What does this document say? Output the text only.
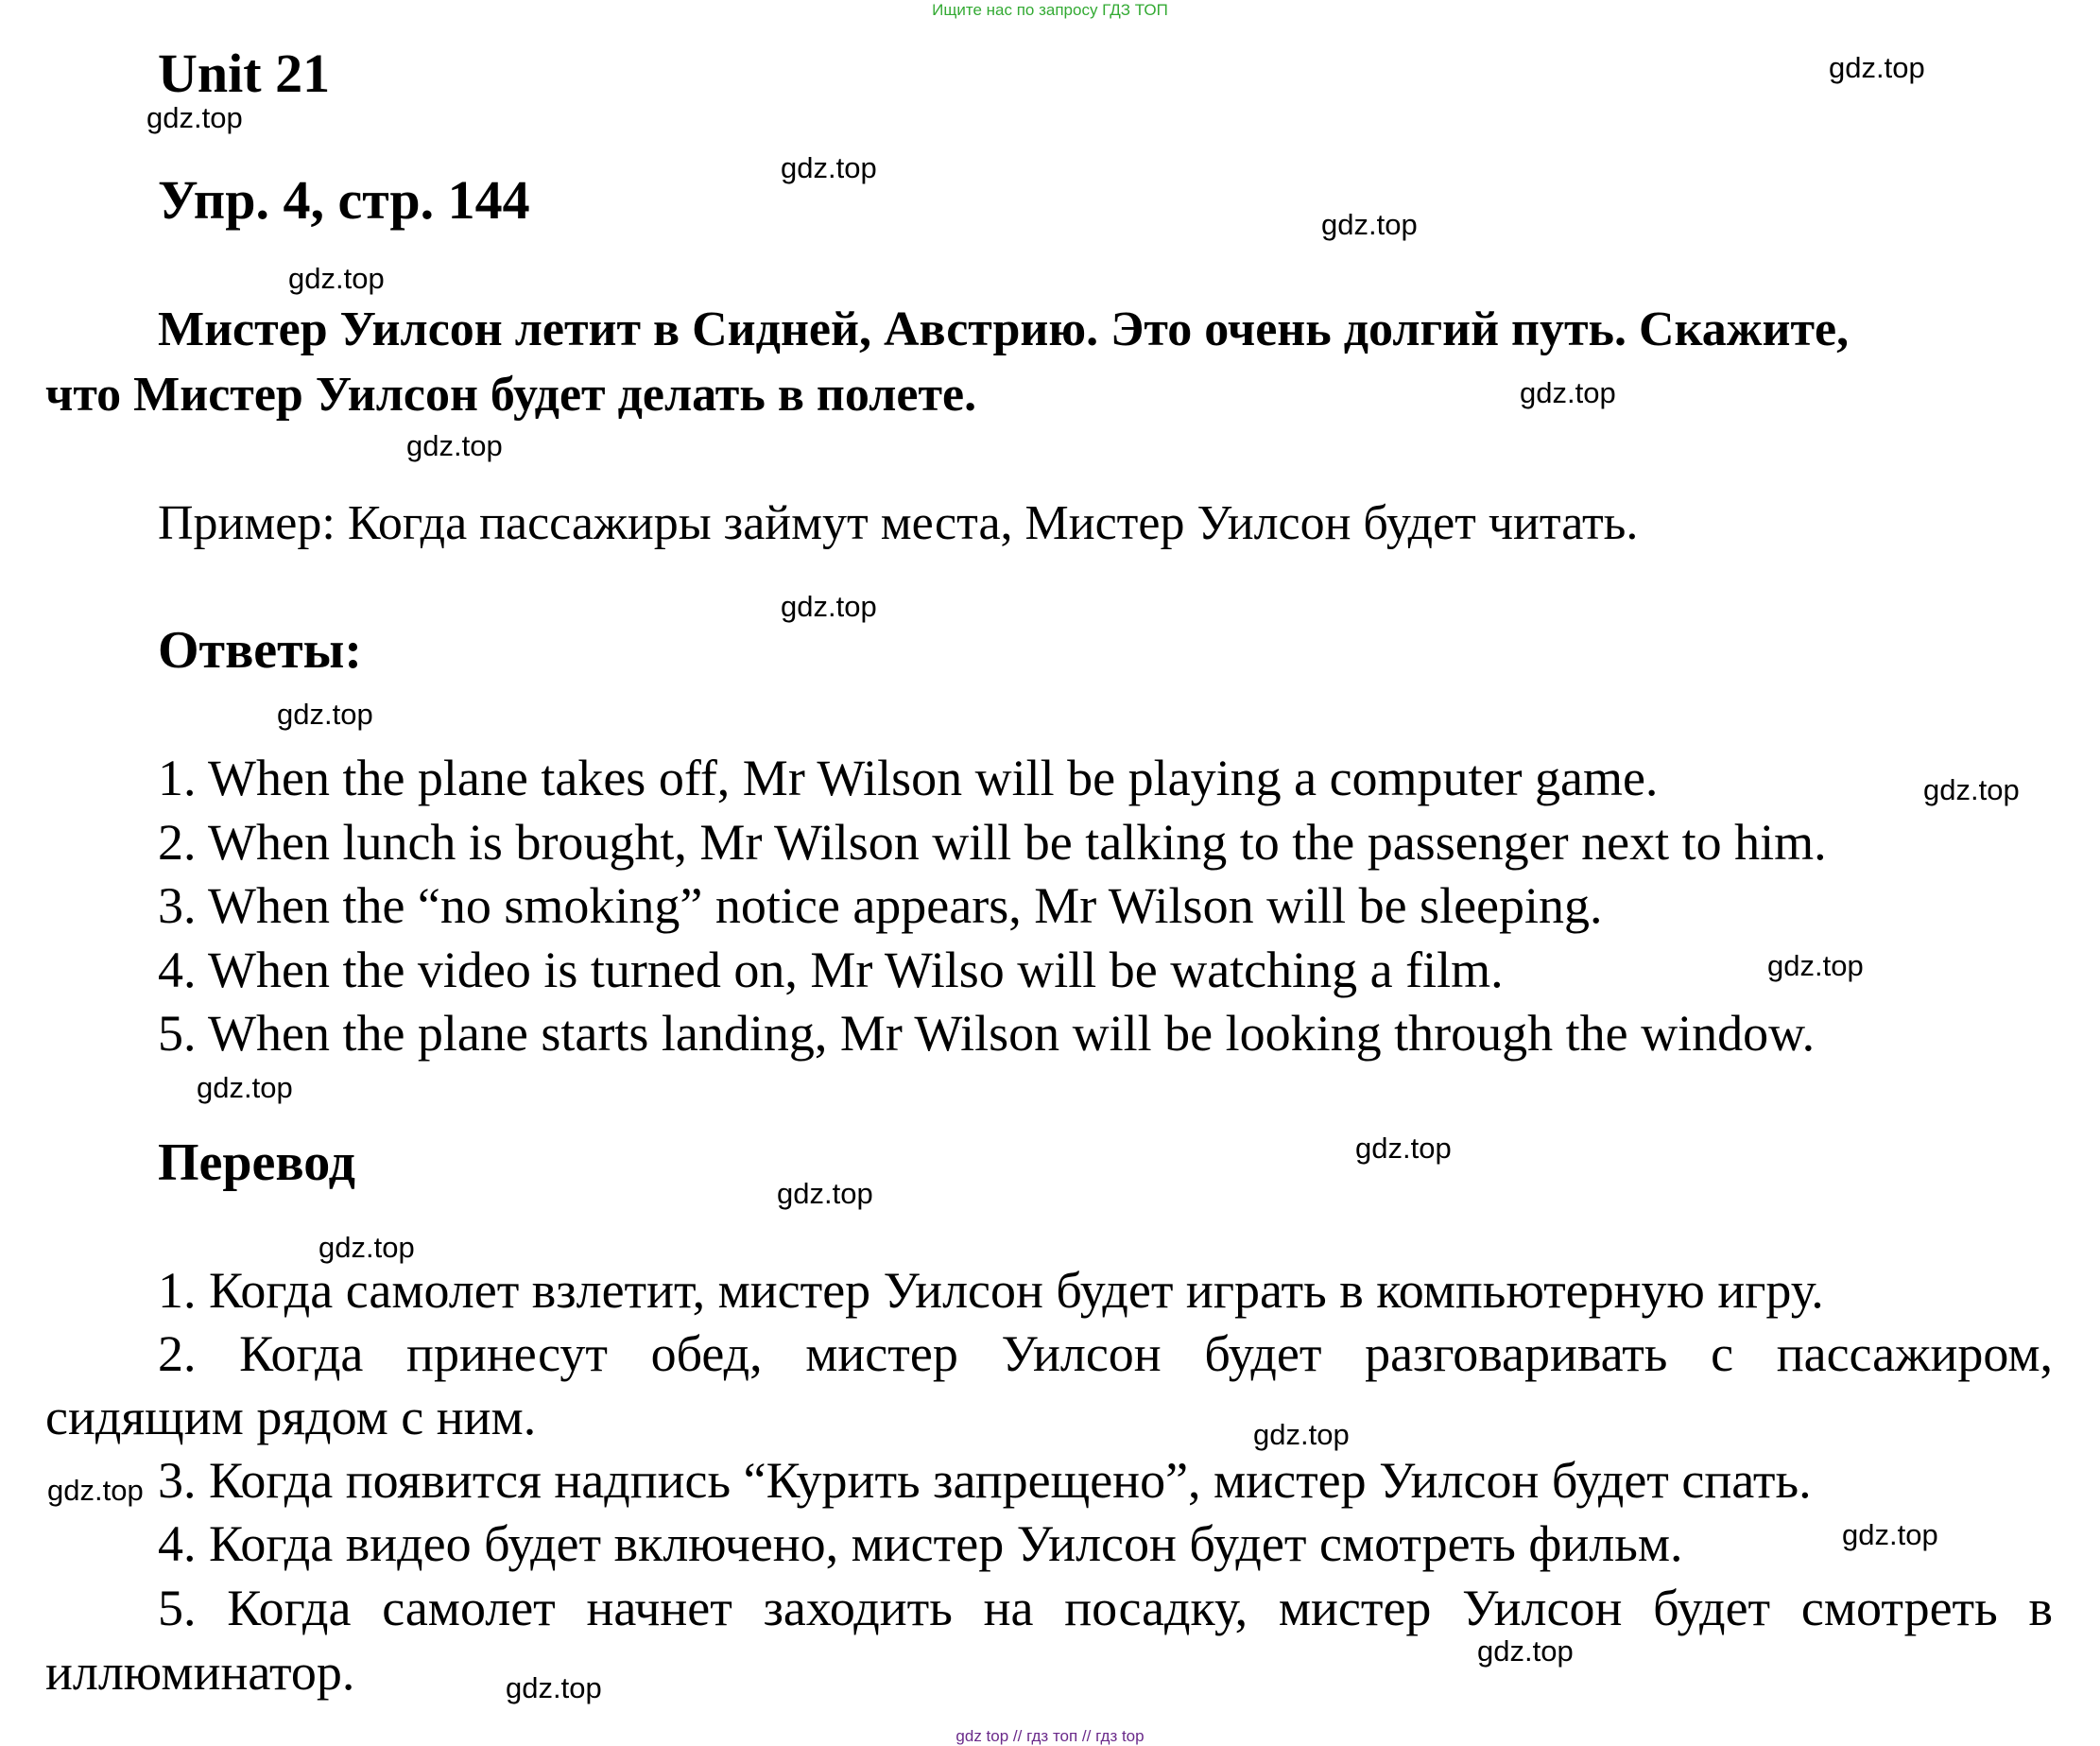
Ищите нас по запросу ГДЗ ТОП
Unit 21
Упр. 4, стр. 144
Мистер Уилсон летит в Сидней, Австрию. Это очень долгий путь. Скажите,
что Мистер Уилсон будет делать в полете.
Пример: Когда пассажиры займут места, Мистер Уилсон будет читать.
Ответы:
1. When the plane takes off, Mr Wilson will be playing a computer game.
2. When lunch is brought, Mr Wilson will be talking to the passenger next to him.
3. When the “no smoking” notice appears, Mr Wilson will be sleeping.
4. When the video is turned on, Mr Wilso will be watching a film.
5. When the plane starts landing, Mr Wilson will be looking through the window.
Перевод
1. Когда самолет взлетит, мистер Уилсон будет играть в компьютерную игру.
2. Когда принесут обед, мистер Уилсон будет разговаривать с пассажиром,
сидящим рядом с ним.
3. Когда появится надпись “Курить запрещено”, мистер Уилсон будет спать.
4. Когда видео будет включено, мистер Уилсон будет смотреть фильм.
5. Когда самолет начнет заходить на посадку, мистер Уилсон будет смотреть в
иллюминатор.
gdz.top
gdz.top
gdz.top
gdz.top
gdz.top
gdz.top
gdz.top
gdz.top
gdz.top
gdz.top
gdz.top
gdz.top
gdz.top
gdz.top
gdz.top
gdz.top
gdz.top
gdz.top
gdz.top
gdz.top
gdz top // гдз топ // гдз top
